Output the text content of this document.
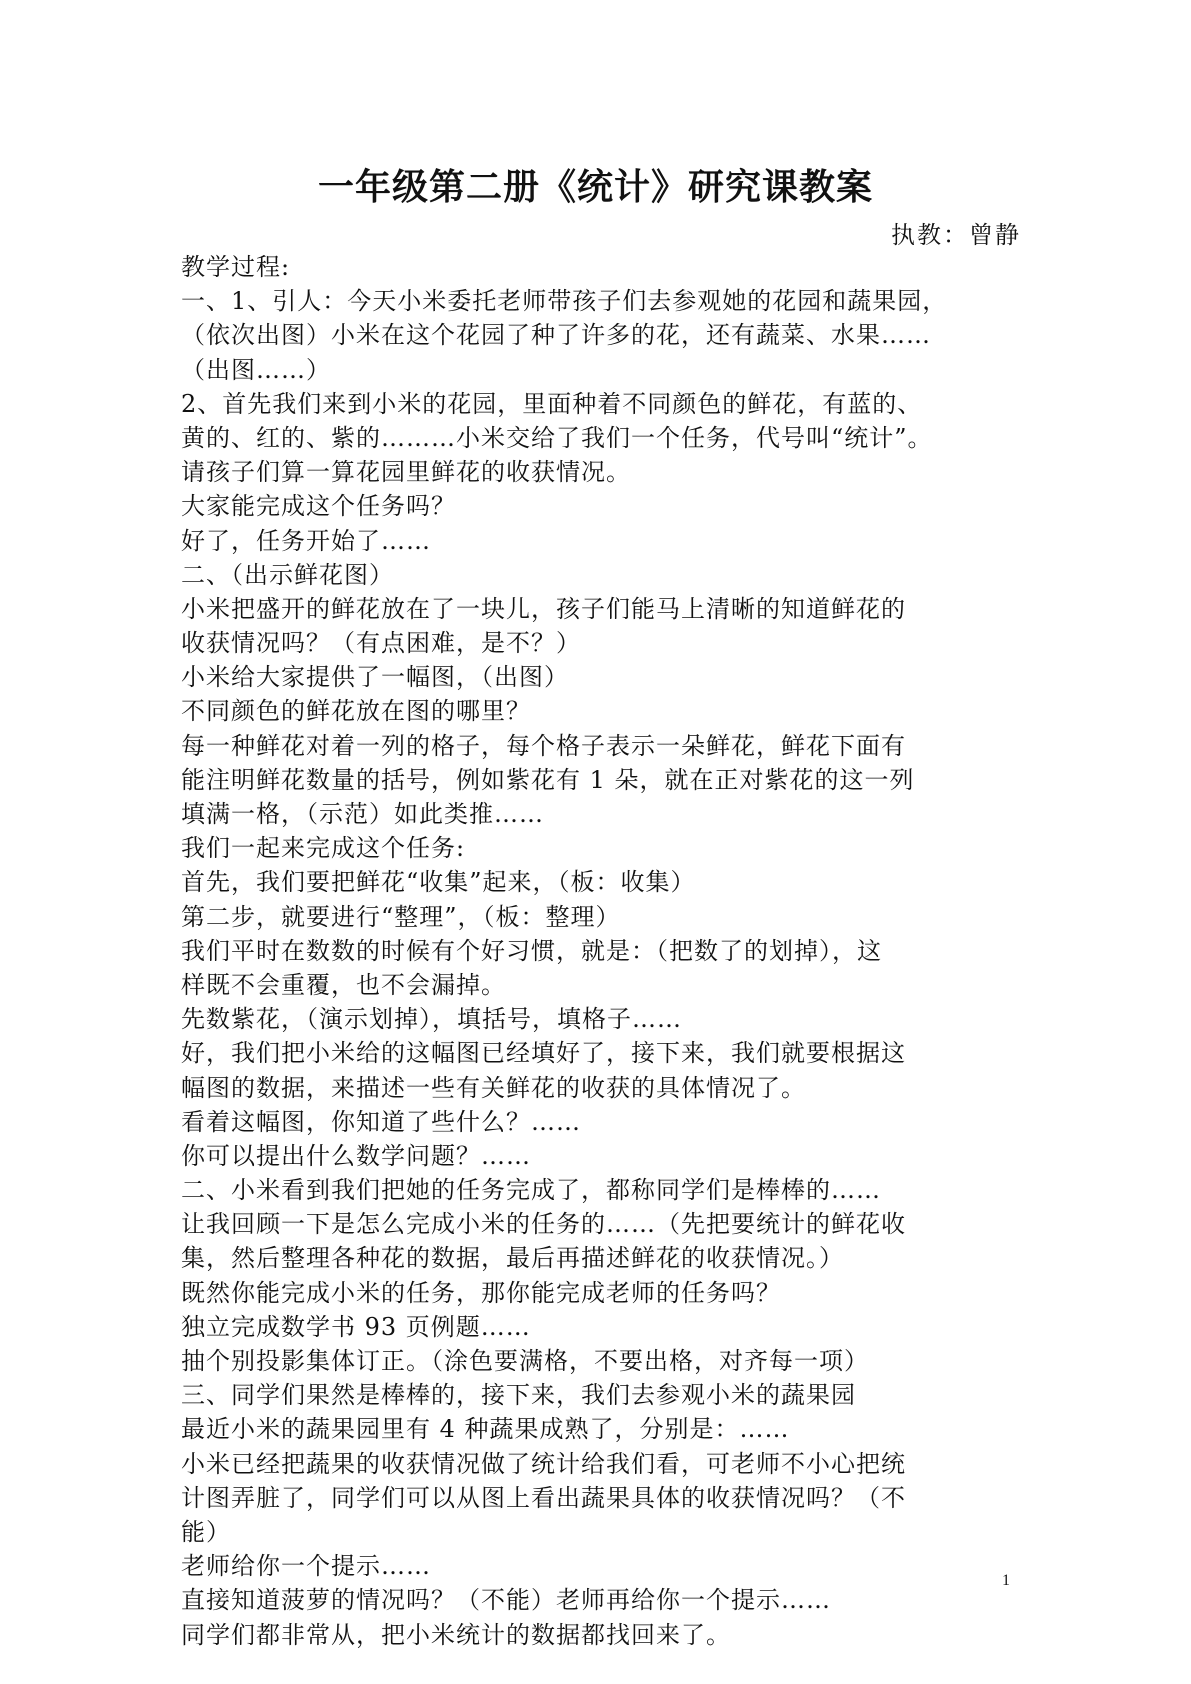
一年级第二册《统计》研究课教案
执教：曾静
教学过程:
一、1、引人：今天小米委托老师带孩子们去参观她的花园和蔬果园，
（依次出图）小米在这个花园了种了许多的花，还有蔬菜、水果……
（出图……）
2、首先我们来到小米的花园，里面种着不同颜色的鲜花，有蓝的、
黄的、红的、紫的………小米交给了我们一个任务，代号叫“统计”。
请孩子们算一算花园里鲜花的收获情况。
大家能完成这个任务吗？
好了，任务开始了……
二、（出示鲜花图）
小米把盛开的鲜花放在了一块儿，孩子们能马上清晰的知道鲜花的
收获情况吗？（有点困难，是不？）
小米给大家提供了一幅图，（出图）
不同颜色的鲜花放在图的哪里？
每一种鲜花对着一列的格子，每个格子表示一朵鲜花，鲜花下面有
能注明鲜花数量的括号，例如紫花有 1 朵，就在正对紫花的这一列
填满一格，（示范）如此类推……
我们一起来完成这个任务:
首先，我们要把鲜花“收集”起来，（板：收集）
第二步，就要进行“整理”，（板：整理）
我们平时在数数的时候有个好习惯，就是：（把数了的划掉），这
样既不会重覆，也不会漏掉。
先数紫花，（演示划掉），填括号，填格子……
好，我们把小米给的这幅图已经填好了，接下来，我们就要根据这
幅图的数据，来描述一些有关鲜花的收获的具体情况了。
看着这幅图，你知道了些什么？……
你可以提出什么数学问题？……
二、小米看到我们把她的任务完成了，都称同学们是棒棒的……
让我回顾一下是怎么完成小米的任务的……（先把要统计的鲜花收
集，然后整理各种花的数据，最后再描述鲜花的收获情况。）
既然你能完成小米的任务，那你能完成老师的任务吗？
独立完成数学书 93 页例题……
抽个别投影集体订正。（涂色要满格，不要出格，对齐每一项）
三、同学们果然是棒棒的，接下来，我们去参观小米的蔬果园
最近小米的蔬果园里有 4 种蔬果成熟了，分别是：……
小米已经把蔬果的收获情况做了统计给我们看，可老师不小心把统
计图弄脏了，同学们可以从图上看出蔬果具体的收获情况吗？（不
能）
老师给你一个提示……
直接知道菠萝的情况吗？（不能）老师再给你一个提示……
同学们都非常从，把小米统计的数据都找回来了。
1
